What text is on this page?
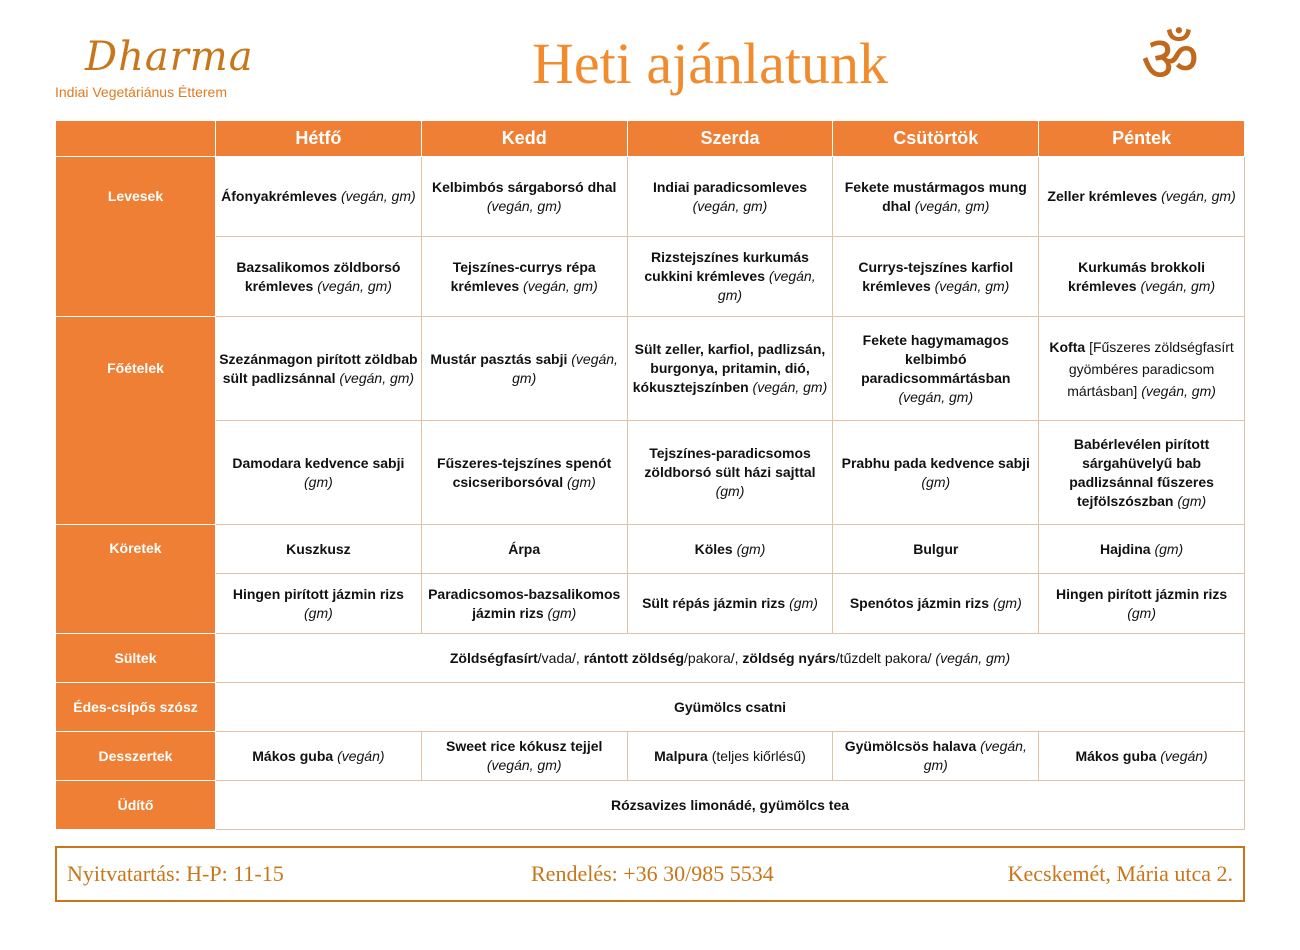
Dharma
Indiai Vegetáriánus Étterem	Heti ajánlatunk	ॐ
	Hétfő	Kedd	Szerda	Csütörtök	Péntek
Levesek	Áfonyakrémleves (vegán, gm)	Kelbimbós sárgaborsó dhal (vegán, gm)	Indiai paradicsomleves (vegán, gm)	Fekete mustármagos mung dhal (vegán, gm)	Zeller krémleves (vegán, gm)
	Bazsalikomos zöldborsó krémleves (vegán, gm)	Tejszínes-currys répa krémleves (vegán, gm)	Rizstejszínes kurkumás cukkini krémleves (vegán, gm)	Currys-tejszínes karfiol krémleves (vegán, gm)	Kurkumás brokkoli krémleves (vegán, gm)
Főételek	Szezánmagon pirított zöldbab sült padlizsánnal (vegán, gm)	Mustár pasztás sabji (vegán, gm)	Sült zeller, karfiol, padlizsán, burgonya, pritamin, dió, kókusztejszínben (vegán, gm)	Fekete hagymamagos kelbimbó paradicsommártásban (vegán, gm)	Kofta [Fűszeres zöldségfasírt gyömbéres paradicsom mártásban] (vegán, gm)
	Damodara kedvence sabji (gm)	Fűszeres-tejszínes spenót csicseriborsóval (gm)	Tejszínes-paradicsomos zöldborsó sült házi sajttal (gm)	Prabhu pada kedvence sabji (gm)	Babérlevélen pirított sárgahüvelyű bab padlizsánnal fűszeres tejfölszószban (gm)
Köretek	Kuszkusz	Árpa	Köles (gm)	Bulgur	Hajdina (gm)
	Hingen pirított jázmin rizs (gm)	Paradicsomos-bazsalikomos jázmin rizs (gm)	Sült répás jázmin rizs (gm)	Spenótos jázmin rizs (gm)	Hingen pirított jázmin rizs (gm)
Sültek	Zöldségfasírt/vada/, rántott zöldség/pakora/, zöldség nyárs/tűzdelt pakora/ (vegán, gm)				
Édes-csípős szósz	Gyümölcs csatni				
Desszertek	Mákos guba (vegán)	Sweet rice kókusz tejjel (vegán, gm)	Malpura (teljes kiőrlésű)	Gyümölcsös halava (vegán, gm)	Mákos guba (vegán)
Üdítő	Rózsavizes limonádé, gyümölcs tea				
Nyitvatartás: H-P: 11-15	Rendelés: +36 30/985 5534	Kecskemét, Mária utca 2.
